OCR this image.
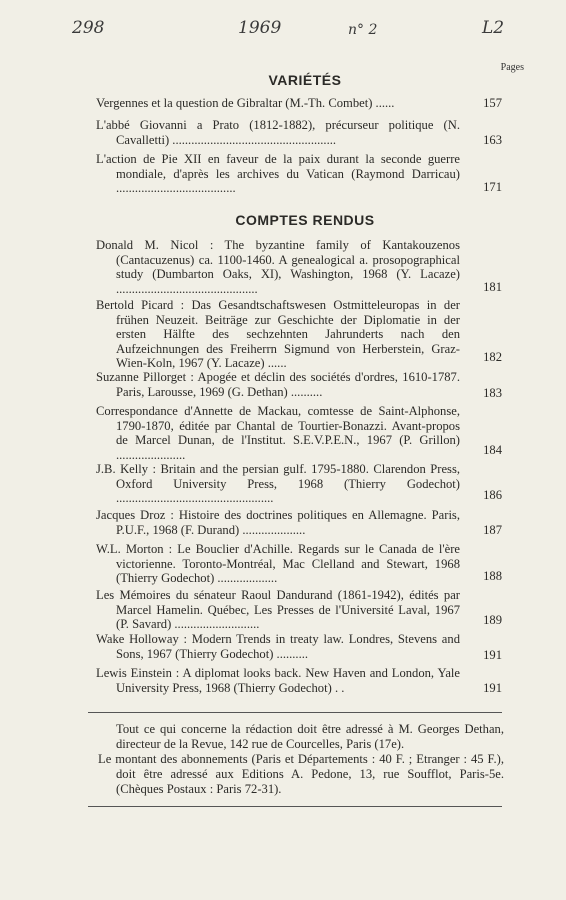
298	1969	n° 2	L2
Pages
VARIÉTÉS
Vergennes et la question de Gibraltar (M.-Th. Combet) ......	157
L'abbé Giovanni a Prato (1812-1882), précurseur politique (N. Cavalletti) ....................................................	163
L'action de Pie XII en faveur de la paix durant la seconde guerre mondiale, d'après les archives du Vatican (Raymond Darricau) ......................................	171
COMPTES RENDUS
Donald M. Nicol : The byzantine family of Kantakouzenos (Cantacuzenus) ca. 1100-1460. A genealogical a. prosopographical study (Dumbarton Oaks, XI), Washington, 1968 (Y. Lacaze) .............................................	181
Bertold Picard : Das Gesandtschaftswesen Ostmitteleuropas in der frühen Neuzeit. Beiträge zur Geschichte der Diplomatie in der ersten Hälfte des sechzehnten Jahrunderts nach den Aufzeichnungen des Freiherrn Sigmund von Herberstein, Graz-Wien-Koln, 1967 (Y. Lacaze) ......	182
Suzanne Pillorget : Apogée et déclin des sociétés d'ordres, 1610-1787. Paris, Larousse, 1969 (G. Dethan) ..........	183
Correspondance d'Annette de Mackau, comtesse de Saint-Alphonse, 1790-1870, éditée par Chantal de Tourtier-Bonazzi. Avant-propos de Marcel Dunan, de l'Institut. S.E.V.P.E.N., 1967 (P. Grillon) ......................	184
J.B. Kelly : Britain and the persian gulf. 1795-1880. Clarendon Press, Oxford University Press, 1968 (Thierry Godechot) ..................................................	186
Jacques Droz : Histoire des doctrines politiques en Allemagne. Paris, P.U.F., 1968 (F. Durand) ....................	187
W.L. Morton : Le Bouclier d'Achille. Regards sur le Canada de l'ère victorienne. Toronto-Montréal, Mac Clelland and Stewart, 1968 (Thierry Godechot) ...................	188
Les Mémoires du sénateur Raoul Dandurand (1861-1942), édités par Marcel Hamelin. Québec, Les Presses de l'Université Laval, 1967 (P. Savard) ...........................	189
Wake Holloway : Modern Trends in treaty law. Londres, Stevens and Sons, 1967 (Thierry Godechot) ..........	191
Lewis Einstein : A diplomat looks back. New Haven and London, Yale University Press, 1968 (Thierry Godechot) . .	191

Tout ce qui concerne la rédaction doit être adressé à M. Georges Dethan, directeur de la Revue, 142 rue de Courcelles, Paris (17e).

Le montant des abonnements (Paris et Départements : 40 F. ; Etranger : 45 F.), doit être adressé aux Editions A. Pedone, 13, rue Soufflot, Paris-5e. (Chèques Postaux : Paris 72-31).
